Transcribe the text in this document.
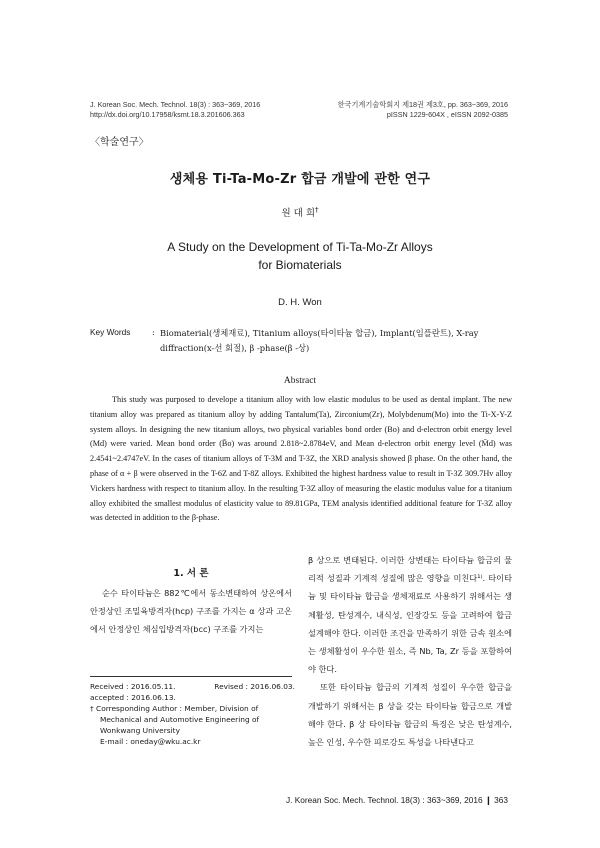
J. Korean Soc. Mech. Technol. 18(3) : 363~369, 2016
http://dx.doi.org/10.17958/ksmt.18.3.201606.363
한국기계기술학회지 제18권 제3호, pp. 363~369, 2016
pISSN 1229-604X , eISSN 2092-0385
〈학술연구〉
생체용 Ti-Ta-Mo-Zr 합금 개발에 관한 연구
원 대 희†
A Study on the Development of Ti-Ta-Mo-Zr Alloys
for Biomaterials
D. H. Won
Key Words	: Biomaterial(생체재료), Titanium alloys(타이타늄 합금), Implant(임플란트), X-ray diffraction(x-선 회절), β -phase(β -상)
Abstract
This study was purposed to develope a titanium alloy with low elastic modulus to be used as dental implant. The new titanium alloy was prepared as titanium alloy by adding Tantalum(Ta), Zirconium(Zr), Molybdenum(Mo) into the Ti-X-Y-Z system alloys. In designing the new titanium alloys, two physical variables bond order (Bo) and d-electron orbit energy level (Md) were varied. Mean bond order (B̄o) was around 2.818~2.8784eV, and Mean d-electron orbit energy level (M̄d) was 2.4541~2.4747eV. In the cases of titanium alloys of T-3M and T-3Z, the XRD analysis showed β phase. On the other hand, the phase of α + β were observed in the T-6Z and T-8Z alloys. Exhibited the highest hardness value to result in T-3Z 309.7Hv alloy Vickers hardness with respect to titanium alloy. In the resulting T-3Z alloy of measuring the elastic modulus value for a titanium alloy exhibited the smallest modulus of elasticity value to 89.81GPa, TEM analysis identified additional feature for T-3Z alloy was detected in addition to the β-phase.
1. 서 론

순수 타이타늄은 882℃에서 동소변태하여 상온에서 안정상인 조밀육방격자(hcp) 구조를 가지는 α 상과 고온에서 안정상인 체심입방격자(bcc) 구조를 가지는

Received : 2016.05.11.	Revised : 2016.06.03.
accepted : 2016.06.13.
† Corresponding Author : Member, Division of Mechanical and Automotive Engineering of Wonkwang University
E-mail : oneday@wku.ac.kr

β 상으로 변태된다. 이러한 상변태는 타이타늄 합금의 물리적 성질과 기계적 성질에 많은 영향을 미친다¹⁾. 타이타늄 및 타이타늄 합금을 생체재료로 사용하기 위해서는 생체활성, 탄성계수, 내식성, 인장강도 등을 고려하여 합금 설계해야 한다. 이러한 조건을 만족하기 위한 금속 원소에는 생체활성이 우수한 원소, 즉 Nb, Ta, Zr 등을 포함하여야 한다.

또한 타이타늄 합금의 기계적 성질이 우수한 합금을 개발하기 위해서는 β 상을 갖는 타이타늄 합금으로 개발해야 한다. β 상 타이타늄 합금의 특징은 낮은 탄성계수, 높은 인성, 우수한 피로강도 특성을 나타낸다고

J. Korean Soc. Mech. Technol. 18(3) : 363~369, 2016 ❙ 363
